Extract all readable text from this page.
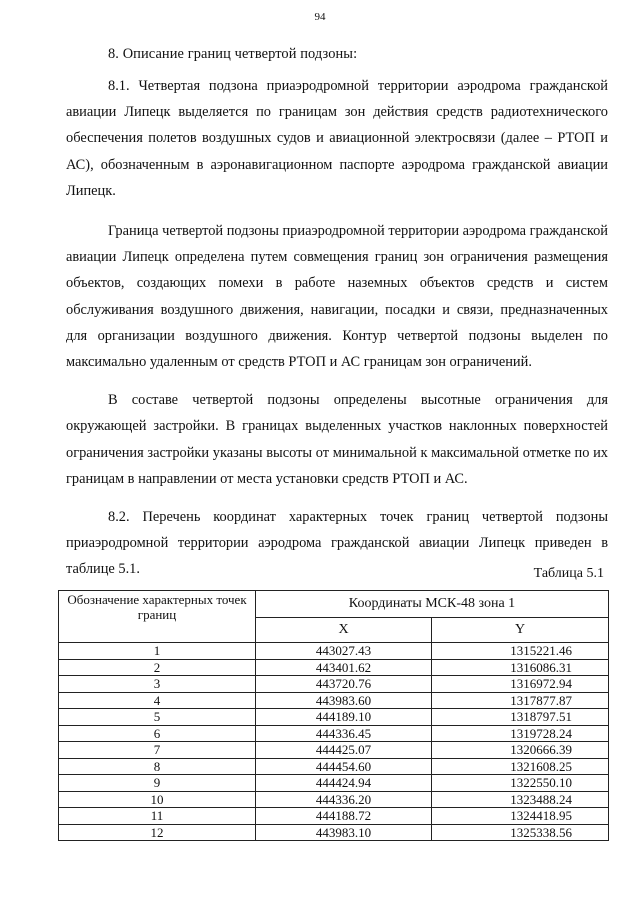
94
8. Описание границ четвертой подзоны:

8.1. Четвертая подзона приаэродромной территории аэродрома гражданской авиации Липецк выделяется по границам зон действия средств радиотехнического обеспечения полетов воздушных судов и авиационной электросвязи (далее – РТОП и АС), обозначенным в аэронавигационном паспорте аэродрома гражданской авиации Липецк.

Граница четвертой подзоны приаэродромной территории аэродрома гражданской авиации Липецк определена путем совмещения границ зон ограничения размещения объектов, создающих помехи в работе наземных объектов средств и систем обслуживания воздушного движения, навигации, посадки и связи, предназначенных для организации воздушного движения. Контур четвертой подзоны выделен по максимально удаленным от средств РТОП и АС границам зон ограничений.

В составе четвертой подзоны определены высотные ограничения для окружающей застройки. В границах выделенных участков наклонных поверхностей ограничения застройки указаны высоты от минимальной к максимальной отметке по их границам в направлении от места установки средств РТОП и АС.

8.2. Перечень координат характерных точек границ четвертой подзоны приаэродромной территории аэродрома гражданской авиации Липецк приведен в таблице 5.1.	Таблица 5.1
Обозначение характерных точек границ	Координаты МСК-48 зона 1	
	X	Y
1	443027.43	1315221.46
2	443401.62	1316086.31
3	443720.76	1316972.94
4	443983.60	1317877.87
5	444189.10	1318797.51
6	444336.45	1319728.24
7	444425.07	1320666.39
8	444454.60	1321608.25
9	444424.94	1322550.10
10	444336.20	1323488.24
11	444188.72	1324418.95
12	443983.10	1325338.56
